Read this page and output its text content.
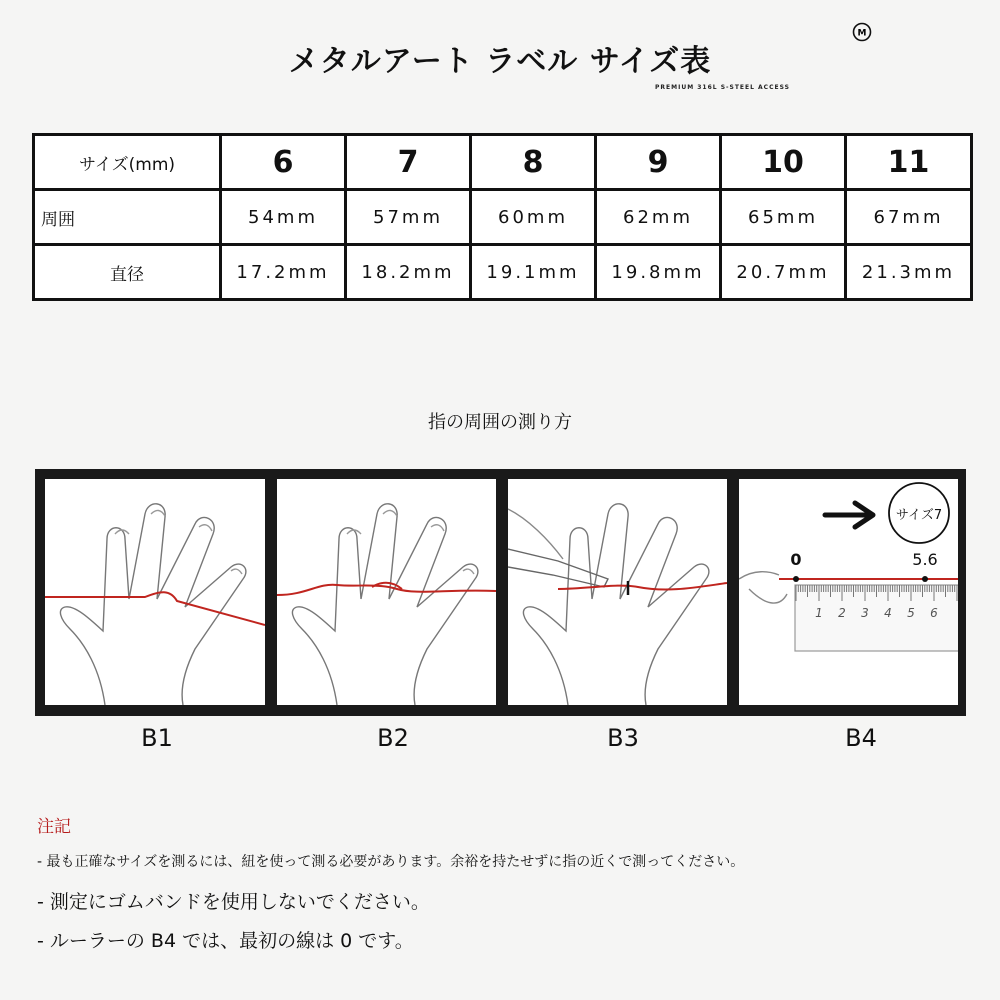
メタルアート ラベル サイズ表
M
PREMIUM 316L S-STEEL ACCESS
サイズ(mm)	6	7	8	9	10	11
周囲	54mm	57mm	60mm	62mm	65mm	67mm
直径	17.2mm	18.2mm	19.1mm	19.8mm	20.7mm	21.3mm
指の周囲の測り方
サイズ7
0	5.6
1 2 3 4 5 6
B1	B2	B3	B4
注記
- 最も正確なサイズを測るには、紐を使って測る必要があります。余裕を持たせずに指の近くで測ってください。
- 測定にゴムバンドを使用しないでください。
- ルーラーの B4 では、最初の線は 0 です。
